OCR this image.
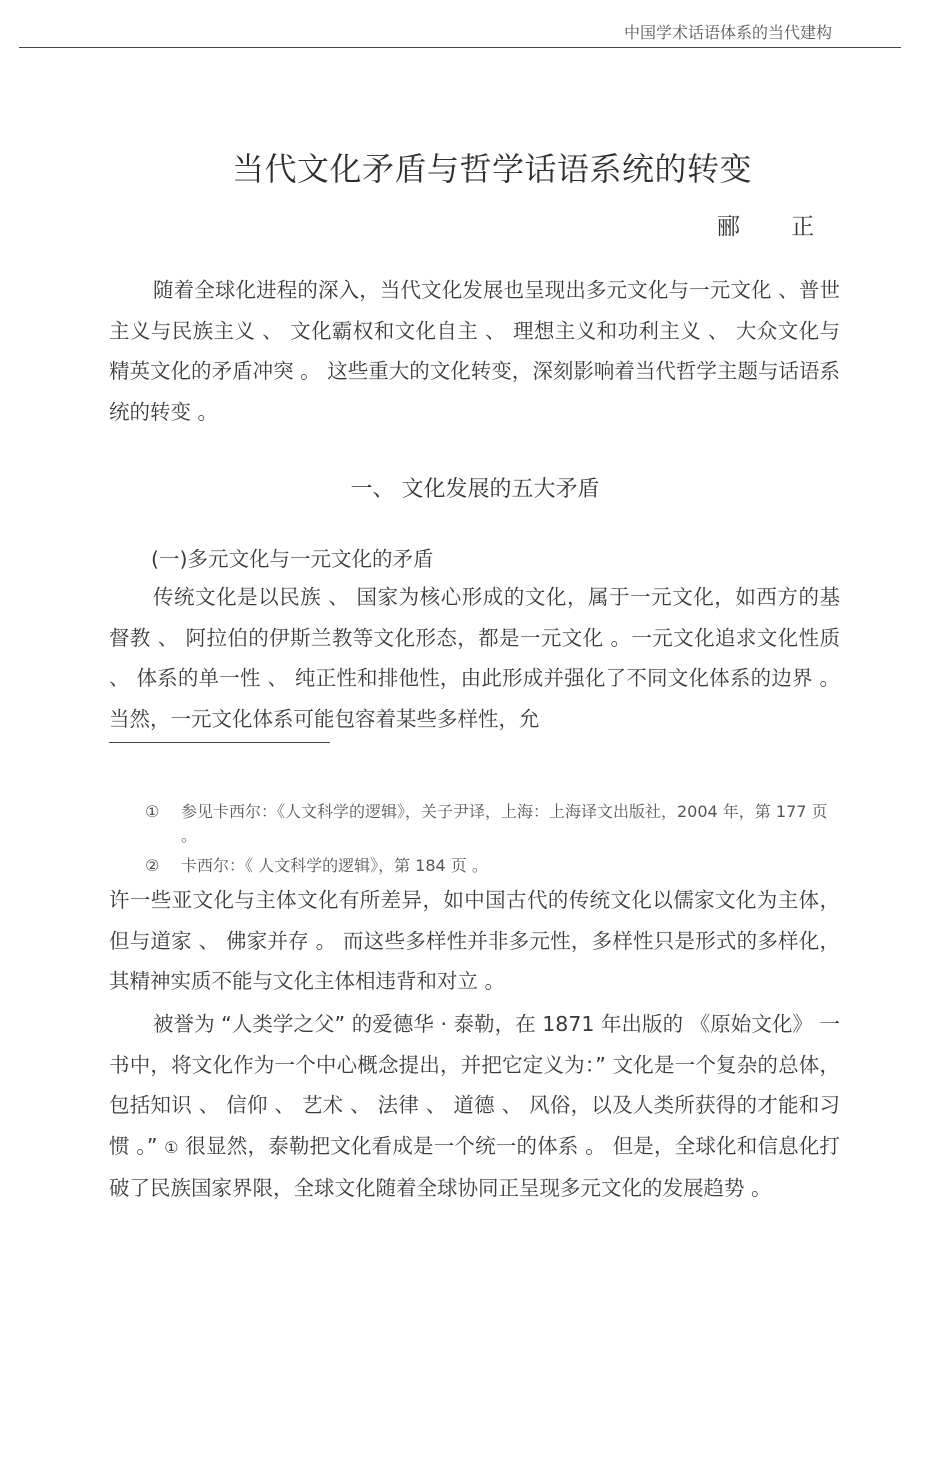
中国学术话语体系的当代建构
当代文化矛盾与哲学话语系统的转变
郦 正
随着全球化进程的深入，当代文化发展也呈现出多元文化与一元文化 、普世主义与民族主义 、 文化霸权和文化自主 、 理想主义和功利主义 、 大众文化与精英文化的矛盾冲突 。 这些重大的文化转变，深刻影响着当代哲学主题与话语系统的转变 。
一、 文化发展的五大矛盾
(一)多元文化与一元文化的矛盾
传统文化是以民族 、 国家为核心形成的文化，属于一元文化，如西方的基督教 、 阿拉伯的伊斯兰教等文化形态，都是一元文化 。一元文化追求文化性质 、 体系的单一性 、 纯正性和排他性，由此形成并强化了不同文化体系的边界 。 当然，一元文化体系可能包容着某些多样性，允
① 参见卡西尔：《人文科学的逻辑》，关子尹译，上海：上海译文出版社，2004 年，第 177 页 。
② 卡西尔：《 人文科学的逻辑》，第 184 页 。
许一些亚文化与主体文化有所差异，如中国古代的传统文化以儒家文化为主体，但与道家 、 佛家并存 。 而这些多样性并非多元性，多样性只是形式的多样化， 其精神实质不能与文化主体相违背和对立 。
被誉为 “人类学之父” 的爱德华 · 泰勒，在 1871 年出版的 《原始文化》 一书中，将文化作为一个中心概念提出，并把它定义为：” 文化是一个复杂的总体，包括知识 、 信仰 、 艺术 、 法律 、 道德 、 风俗，以及人类所获得的才能和习惯 。” ① 很显然，泰勒把文化看成是一个统一的体系 。 但是，全球化和信息化打破了民族国家界限，全球文化随着全球协同正呈现多元文化的发展趋势 。
